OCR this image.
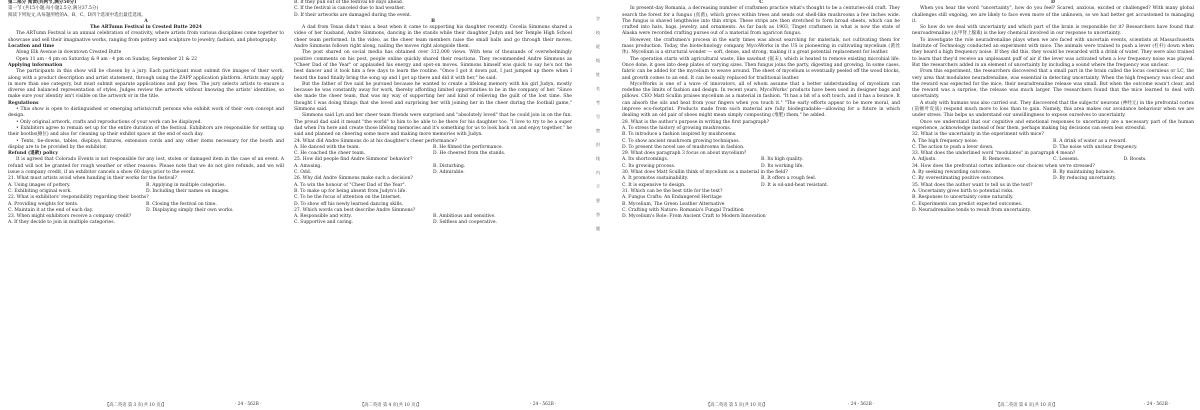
第二部分 阅读(共两节,满分50分)

第一节 (共15小题;每小题2.5分,满分37.5分)

阅读下列短文,从每题所给的A、B、C、D四个选项中选出最佳选项。

A

The ARTumn Festival in Crested Butte 2024

The ARTumn Festival is an annual celebration of creativity, where artists from various disciplines come together to showcase and sell their imaginative works, ranging from pottery and sculpture to jewelry, fashion, and photography.

Location and time

Along Elk Avenue in downtown Crested Butte

Open 11 am - 4 pm on Saturday & 9 am - 4 pm on Sunday, September 21 & 22

Applying information

The participants in this show will be chosen by a jury. Each participant must submit five images of their work, along with a product description and artist statement, through using the ZAPP application platform. Artists may apply in more than one category, but must submit separate applications and pay fees. The jury selects artists to ensure a diverse and balanced representation of styles. Judges review the artwork without knowing the artists' identities, so make sure your identity isn't visible on the artwork or in the title.

Regulations

• This show is open to distinguished or emerging artists/craft persons who exhibit work of their own concept and design.

• Only original artwork, crafts and reproductions of your work can be displayed.

• Exhibitors agree to remain set up for the entire duration of the festival. Exhibitors are responsible for setting up their booths(摊位) and also for cleaning up their exhibit space at the end of each day.

• Tents, tie-downs, tables, displays, fixtures, extension cords and any other items necessary for the booth and display are to be provided by the exhibitor.

Refund (退款) policy

It is agreed that Colorado Events is not responsible for any lost, stolen or damaged item in the case of an event. A refund will not be granted for rough weather or other reasons. Please note that we do not give refunds, and we will issue a company credit, if an exhibitor cancels a show 60 days prior to the event.

21. What must artists avoid when handing in their works for the festival?

A. Using images of pottery.	B. Applying in multiple categories.
C. Exhibiting original work.	D. Including their names on images.

22. What is exhibitors' responsibility regarding their booths?

A. Providing weights for tents.	B. Closing the festival on time.
C. Maintain it at the end of each day.	D. Displaying simply their own works.

23. When might exhibitors receive a company credit?

A. If they decide to join in multiple categories.

B. If they pull out of the festival 60 days ahead.

C. If the festival is canceled due to bad weather.

D. If their artworks are damaged during the event.

B

A dad from Texas didn't miss a beat when it came to supporting his daughter recently. Cecelia Simmons shared a video of her husband, Andre Simmons, dancing in the stands while their daughter Judyn and her Temple High School cheer team performed. In the video, as the cheer team members raise the small balls and go through their moves, Andre Simmons follows right along, nailing the moves right alongside them.

The post shared on social media has obtained over 312,000 views. With tens of thousands of overwhelmingly positive comments on his post, people online quickly shared their reactions. They recommended Andre Simmons as "Cheer Dad of the Year" or applauded his energy and spot-on moves. Simmons himself was quick to say he's not the best dancer and it took him a few days to learn the routine. "Once I got it down pat, I just jumped up there when I heard the band finally bring the song up and I got up there and did it with her," he said.

But the father of five said he pursued because he wanted to create a lifelong memory with his girl Judyn, mostly because he was constantly away for work, thereby affording limited opportunities to be in the company of her. "Since she made the cheer team, that was my way of supporting her and kind of relieving the guilt of the lost time. She thought I was doing things that she loved and surprising her with joining her in the cheer during the football game," Simmons said.

Simmons said Lyn and her cheer team friends were surprised and "absolutely loved" that he could join in on the fun. The proud dad said it meant "the world" to him to be able to be there for his daughter too. "I love to try to be a super dad when I'm here and create those lifelong memories and it's something for us to look back on and enjoy together," he said and planned on cheering some more and making more memories with Judyn.

24. What did Andre Simmons do at his daughter's cheer performance?

A. He danced with the team.	B. He filmed the performance.
C. He coached the cheer team.	D. He cheered from the stands.

25. How did people find Andre Simmons' behavior?

A. Amusing.	B. Disturbing.
C. Odd.	D. Admirable.

26. Why did Andre Simmons make such a decision?

A. To win the honour of "Cheer Dad of the Year".

B. To make up for being absent from Judyn's life.

C. To be the focus of attention on the Internet.

D. To show off his newly learned dancing skills.

27. Which words can best describe Andre Simmons?

A. Responsible and witty.	B. Ambitious and sensitive.
C. Supportive and caring.	D. Selfless and cooperative.
【高二英语 第 3 页(共 10 页)】	· 24 - 562B ·	【高二英语 第 4 页(共 10 页)】	· 24 - 562B ·
学校 班级 姓名 考号 密封线内不要答题

C

In present-day Romania, a decreasing number of craftsmen practice what's thought to be a centuries-old craft. They search the forest for a fungus (真菌), which grows within trees and sends out shell-like mushrooms a few inches wide. The fungus is shaved lengthwise into thin strips. These strips are then stretched to form broad sheets, which can be crafted into hats, bags, jewelry, and ornaments. As far back as 1903, Tinget craftsmen in what is now the state of Alaska were recorded crafting purses out of a material from agaricon fungus.

However, the craftsmen's process in the early times was about searching for materials, not cultivating them for mass production. Today, the biotechnology company MycoWorks in the US is pioneering in cultivating mycelium (菌丝体). Mycelium is a structural wonder — soft, dense, and strong, making it a great potential replacement for leather.

The operation starts with agricultural waste, like sawdust (锯末), which is heated to remove existing microbial life. Once done, it goes into deep plates of varying sizes. Then fungus joins the party, digesting and growing. In some cases, fabric can be added for the mycelium to weave around. The sheet of mycelium is eventually peeled off the wood blocks, and growth comes to an end. It can be easily replaced for traditional leather.

MycoWorks is one of a wave of innovators, all of whom assume that a better understanding of mycelium can redefine the limits of fashion and design. In recent years, MycoWorks' products have been used in designer bags and pillows. CEO Matt Scullin praises mycelium as a material in fashion. "It has a bit of a soft touch, and it has a bounce. It can absorb the oils and heat from your fingers when you touch it." "The early efforts appear to be more moral, and improve eco-footprint. Products made from such material are fully biodegradable—allowing for a future in which dealing with an old pair of shoes might mean simply composting (堆肥) them," he added.

28. What is the author's purpose in writing the first paragraph?

A. To stress the history of growing mushrooms.

B. To introduce a fashion inspired by mushrooms.

C. To show ancient mushroom growing techniques.

D. To present the novel use of mushrooms in fashion.

29. What does paragraph 3 focus on about mycelium?

A. Its shortcomings.	B. Its high quality.
C. Its growing process.	D. Its working life.

30. What does Matt Scullin think of mycelium as a material in the field?

A. It promotes sustainability.	B. It offers a rough feel.
C. It is expensive to design.	D. It is oil-and-heat resistant.

31. Which can be the best title for the text?

A. Fungus Crafts: An Endangered Heritage

B. Mycelium, The Green Leather Alternative

C. Crafting with Nature: Romania's Fungal Tradition

D. Mycelium's Role: From Ancient Craft to Modern Innovation

D

When you hear the word "uncertainty", how do you feel? Scared, anxious, excited or challenged? With many global challenges still ongoing, we are likely to face even more of the unknown, so we had better get accustomed to managing it.

So how do we deal with uncertainty and which part of the brain is responsible for it? Researchers have found that neuroadrenaline (去甲肾上腺素) is the key chemical involved in our response to uncertainty.

To investigate the role neuradrenaline plays when we are faced with uncertain events, scientists at Massachusetts Institute of Technology conducted an experiment with mice. The animals were trained to push a lever (杠杆) down when they heard a high frequency noise. If they did this, they would be rewarded with a drink of water. They were also trained to learn that they'd receive an unpleasant puff of air if the lever was activated when a low frequency noise was played. But the researchers added in an element of uncertainty by including a sound where the frequency was unclear.

From this experiment, the researchers discovered that a small part in the brain called the locus coeruleus or LC, the very area that modulates neuradrenaline, was essential in detecting uncertainty. When the high frequency was clear and the reward was expected for the mice, their neuradrenaline release was small. But when the outcome wasn't clear, and the reward was a surprise, the release was much larger. The researchers found that the mice learned to deal with uncertainty.

A study with humans was also carried out. They discovered that the subjects' neurons (神经元) in the prefrontal cortex (前额叶皮质) respond much more to loss than to gain. Namely, this area makes our avoidance behaviour when we are under stress. This helps us understand our unwillingness to expose ourselves to uncertainty.

Once we understand that our cognitive and emotional responses to uncertainty are a necessary part of the human experience, acknowledge instead of fear them, perhaps making big decisions can seem less stressful.

32. What is the uncertainty in the experiment with mice?

A. The high frequency noise.	B. A drink of water as a reward.
C. The action to push a lever down.	D. The noise with unclear frequency.

33. What does the underlined word "modulates" in paragraph 4 mean?

A. Adjusts.	B. Removes.	C. Lessens.	D. Boosts.

34. How does the prefrontal cortex influence our choices when we're stressed?

A. By seeking rewarding outcome.	B. By maintaining balance.
C. By overestimating positive outcomes.	D. By reducing uncertainty.

35. What does the author want to tell us in the text?

A. Uncertainty gives birth to potential risks.

B. Responses to uncertainty come naturally.

C. Experiments can predict expected outcomes.

D. Neuradrenaline tends to result from uncertainty.

【高二英语 第 5 页(共 10 页)】	· 24 - 562B ·	【高二英语 第 6 页(共 10 页)】	· 24 - 562B ·
